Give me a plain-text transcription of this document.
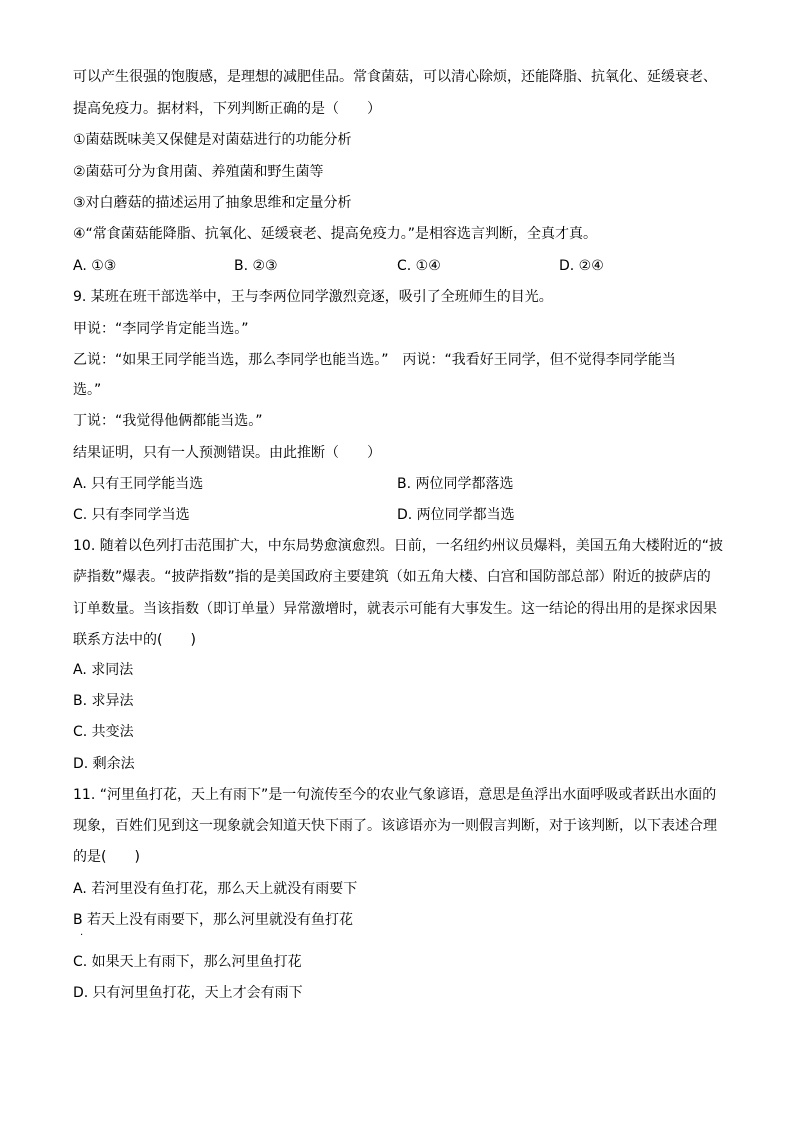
可以产生很强的饱腹感，是理想的减肥佳品。常食菌菇，可以清心除烦，还能降脂、抗氧化、延缓衰老、
提高免疫力。据材料，下列判断正确的是（　　）
①菌菇既味美又保健是对菌菇进行的功能分析
②菌菇可分为食用菌、养殖菌和野生菌等
③对白蘑菇的描述运用了抽象思维和定量分析
④“常食菌菇能降脂、抗氧化、延缓衰老、提高免疫力。”是相容选言判断，全真才真。
A. ①③	B. ②③	C. ①④	D. ②④
9. 某班在班干部选举中，王与李两位同学激烈竞逐，吸引了全班师生的目光。
甲说：“李同学肯定能当选。”
乙说：“如果王同学能当选，那么李同学也能当选。”　丙说：“我看好王同学，但不觉得李同学能当
选。”
丁说：“我觉得他俩都能当选。”
结果证明，只有一人预测错误。由此推断（　　）
A. 只有王同学能当选	B. 两位同学都落选
C. 只有李同学当选	D. 两位同学都当选
10. 随着以色列打击范围扩大，中东局势愈演愈烈。日前，一名纽约州议员爆料，美国五角大楼附近的“披
萨指数”爆表。“披萨指数”指的是美国政府主要建筑（如五角大楼、白宫和国防部总部）附近的披萨店的
订单数量。当该指数（即订单量）异常激增时，就表示可能有大事发生。这一结论的得出用的是探求因果
联系方法中的(　　)
A. 求同法
B. 求异法
C. 共变法
D. 剩余法
11. “河里鱼打花，天上有雨下”是一句流传至今的农业气象谚语，意思是鱼浮出水面呼吸或者跃出水面的
现象，百姓们见到这一现象就会知道天快下雨了。该谚语亦为一则假言判断，对于该判断，以下表述合理
的是(　　)
A. 若河里没有鱼打花，那么天上就没有雨要下
B 若天上没有雨要下，那么河里就没有鱼打花
.
C. 如果天上有雨下，那么河里鱼打花
D. 只有河里鱼打花，天上才会有雨下
